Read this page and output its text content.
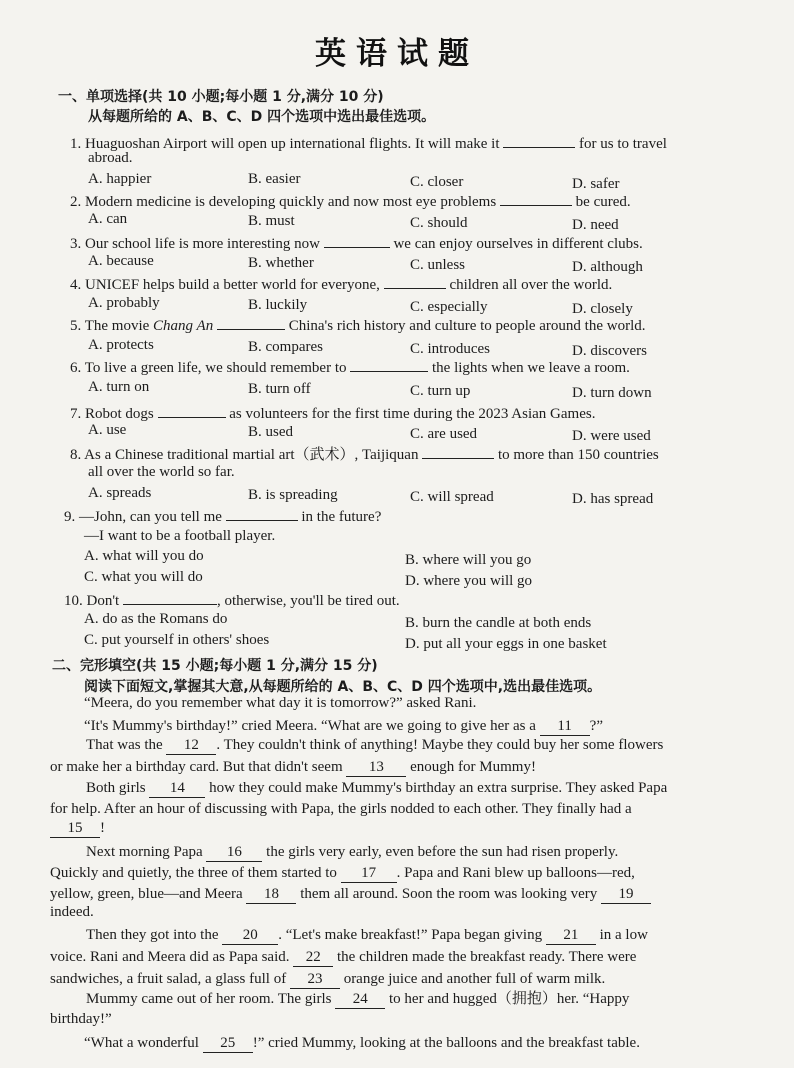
英语试题
一、单项选择(共 10 小题;每小题 1 分,满分 10 分)
从每题所给的 A、B、C、D 四个选项中选出最佳选项。
1. Huaguoshan Airport will open up international flights. It will make it	for us to travel
abroad.
A. happier	B. easier	C. closer	D. safer
2. Modern medicine is developing quickly and now most eye problems	be cured.
A. can	B. must	C. should	D. need
3. Our school life is more interesting now	we can enjoy ourselves in different clubs.
A. because	B. whether	C. unless	D. although
4. UNICEF helps build a better world for everyone,	children all over the world.
A. probably	B. luckily	C. especially	D. closely
5. The movie Chang An	China's rich history and culture to people around the world.
A. protects	B. compares	C. introduces	D. discovers
6. To live a green life, we should remember to	the lights when we leave a room.
A. turn on	B. turn off	C. turn up	D. turn down
7. Robot dogs	as volunteers for the first time during the 2023 Asian Games.
A. use	B. used	C. are used	D. were used
8. As a Chinese traditional martial art（武术）, Taijiquan	to more than 150 countries
all over the world so far.
A. spreads	B. is spreading	C. will spread	D. has spread
9. —John, can you tell me	in the future?
—I want to be a football player.
A. what will you do	B. where will you go
C. what you will do	D. where you will go
10. Don't	, otherwise, you'll be tired out.
A. do as the Romans do	B. burn the candle at both ends
C. put yourself in others' shoes	D. put all your eggs in one basket
二、完形填空(共 15 小题;每小题 1 分,满分 15 分)
阅读下面短文,掌握其大意,从每题所给的 A、B、C、D 四个选项中,选出最佳选项。
“Meera, do you remember what day it is tomorrow?” asked Rani.
“It's Mummy's birthday!” cried Meera. “What are we going to give her as a 11 ?”
That was the 12 . They couldn't think of anything! Maybe they could buy her some flowers
or make her a birthday card. But that didn't seem 13 enough for Mummy!
Both girls 14 how they could make Mummy's birthday an extra surprise. They asked Papa
for help. After an hour of discussing with Papa, the girls nodded to each other. They finally had a
15 !
Next morning Papa 16 the girls very early, even before the sun had risen properly.
Quickly and quietly, the three of them started to 17 . Papa and Rani blew up balloons—red,
yellow, green, blue—and Meera 18 them all around. Soon the room was looking very 19
indeed.
Then they got into the 20 . “Let's make breakfast!” Papa began giving 21 in a low
voice. Rani and Meera did as Papa said. 22 the children made the breakfast ready. There were
sandwiches, a fruit salad, a glass full of 23 orange juice and another full of warm milk.
Mummy came out of her room. The girls 24 to her and hugged（拥抱）her. “Happy
birthday!”
“What a wonderful 25 !” cried Mummy, looking at the balloons and the breakfast table.
